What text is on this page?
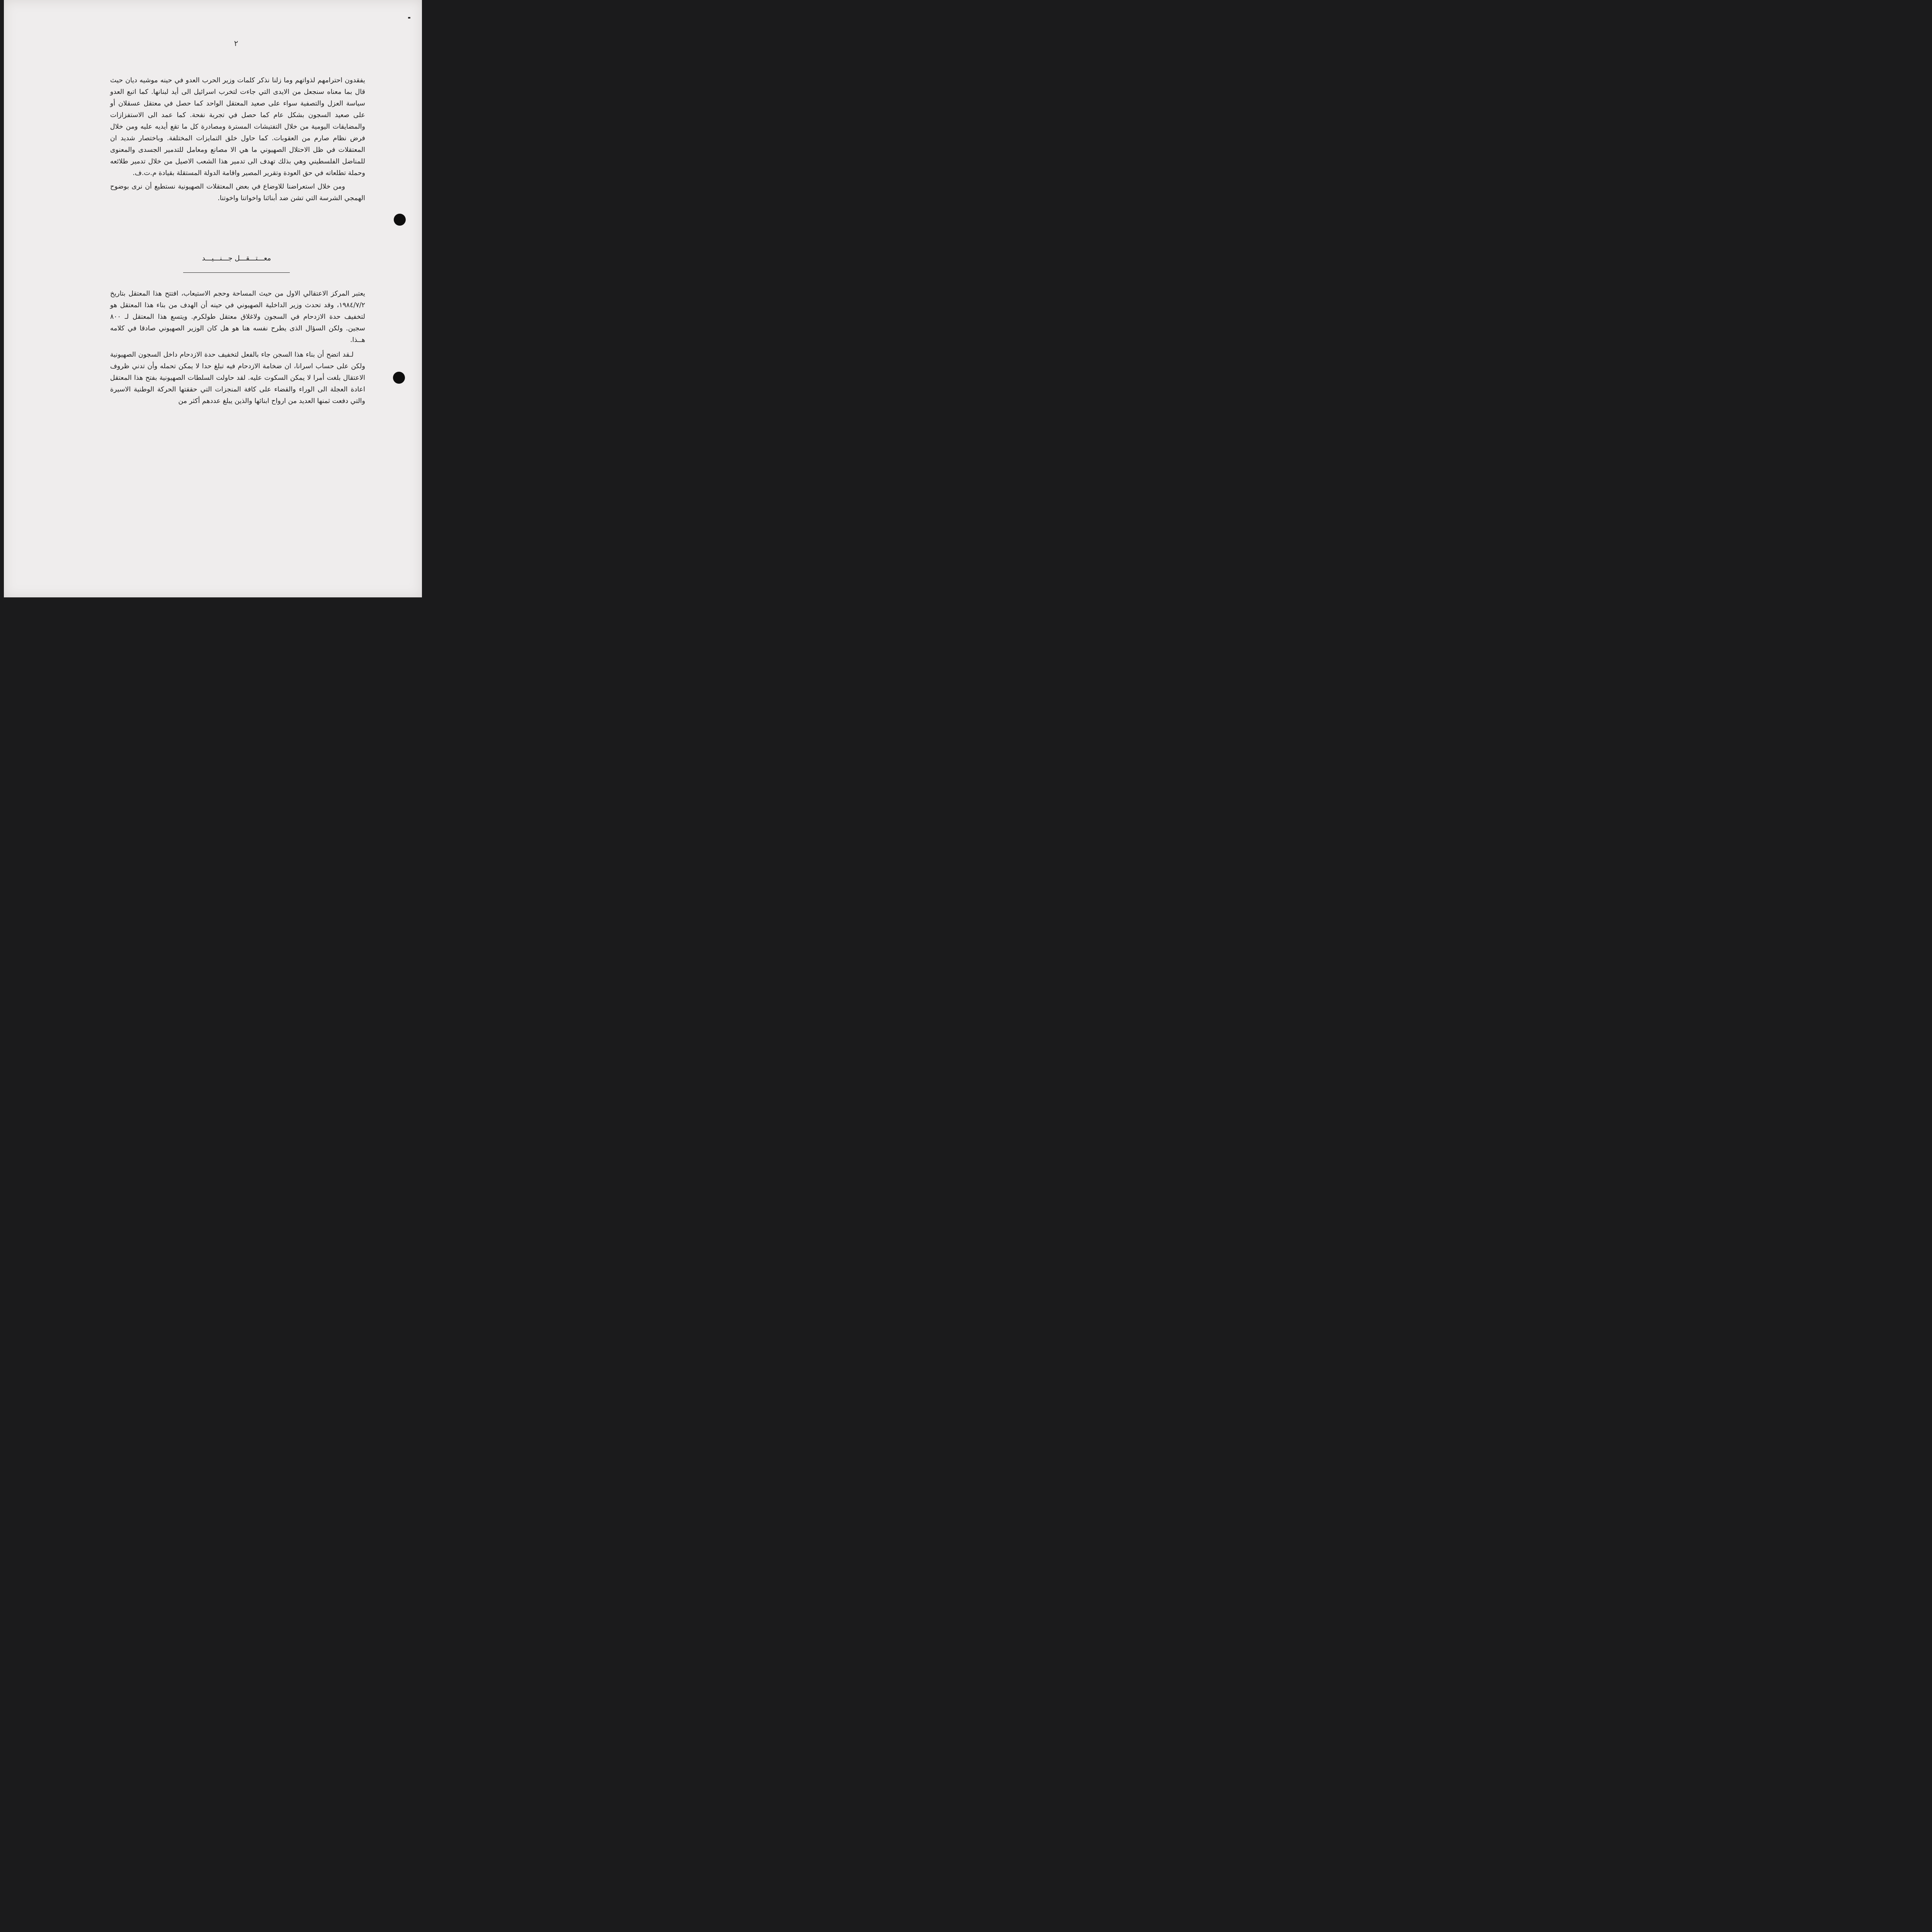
٢

يفقدون احترامهم لذواتهم وما زلنا نذكر كلمات وزير الحرب العدو في حينه موشيه ديان حيث قال بما معناه سنجعل من الايدى التي جاءت لتخرب اسرائيل الى أيد لبنانها. كما اتبع العدو سياسة العزل والتصفية سواء على صعيد المعتقل الواحد كما حصل في معتقل عسقلان أو على صعيد السجون بشكل عام كما حصل في تجربة نفحة. كما عمد الى الاستفزازات والمضايقات اليومية من خلال التفتيشات المسترة ومصادرة كل ما تقع أيديه عليه ومن خلال فرض نظام صارم من العقوبات. كما حاول خلق التمايزات المختلفة. وباختصار شديد ان المعتقلات في ظل الاحتلال الصهيوني ما هي الا مصانع ومعامل للتدمير الجسدى والمعنوى للمناضل الفلسطيني وهي بذلك تهدف الى تدمير هذا الشعب الاصيل من خلال تدمير طلائعه وحملة تطلعاته في حق العودة وتقرير المصير واقامة الدولة المستقلة بقيادة م.ت.ف.

ومن خلال استعراضنا للاوضاع في بعض المعتقلات الصهيونية نستطيع أن نرى بوضوح الهمجي الشرسة التي تشن ضد أبنائنا واخواتنا واخوتنا.

معـــتـــقـــل جـــنـــيـــد

يعتبر المركز الاعتقالي الاول من حيث المساحة وحجم الاستيعاب، افتتح هذا المعتقل بتاريخ ١٩٨٤/٧/٢، وقد تحدث وزير الداخلية الصهيوني في حينه أن الهدف من بناء هذا المعتقل هو لتخفيف حدة الازدحام في السجون ولاغلاق معتقل طولكرم. ويتسع هذا المعتقل لـ ٨٠٠ سجين. ولكن السؤال الذى يطرح نفسه هنا هو هل كان الوزير الصهيوني صادقا في كلامه هــذا.

لـقد اتضح أن بناء هذا السجن جاء بالفعل لتخفيف حدة الازدحام داخل السجون الصهيونية ولكن على حساب اسرانا، ان ضخامة الازدحام فيه تبلغ حدا لا يمكن تحمله وأن تدني ظروف الاعتقال بلغت أمرا لا يمكن السكوت عليه. لقد حاولت السلطات الصهيونية بفتح هذا المعتقل اعادة العجلة الى الوراء والقضاء على كافة المنجزات التي حققتها الحركة الوطنية الاسيرة والتي دفعت ثمنها العديد من ارواح ابنائها والذين يبلغ عددهم أكثر من
